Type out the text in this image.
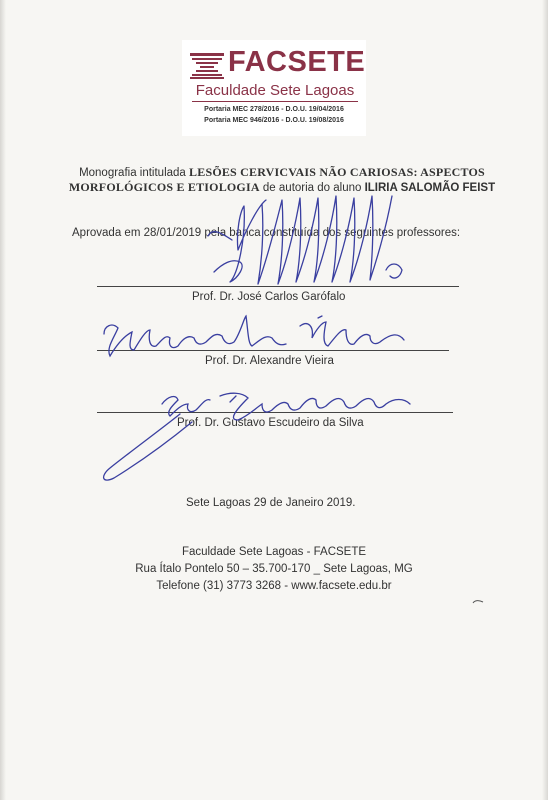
FACSETE
Faculdade Sete Lagoas
Portaria MEC 278/2016 - D.O.U. 19/04/2016
Portaria MEC 946/2016 - D.O.U. 19/08/2016
Monografia intitulada LESÕES CERVICVAIS NÃO CARIOSAS: ASPECTOS
MORFOLÓGICOS E ETIOLOGIA de autoria do aluno ILIRIA SALOMÃO FEIST
Aprovada em 28/01/2019 pela banca constituída dos seguintes professores:
Prof. Dr. José Carlos Garófalo
Prof. Dr. Alexandre Vieira
Prof. Dr. Gustavo Escudeiro da Silva
Sete Lagoas 29 de Janeiro 2019.
Faculdade Sete Lagoas - FACSETE
Rua Ítalo Pontelo 50 – 35.700-170 _ Sete Lagoas, MG
Telefone (31) 3773 3268 - www.facsete.edu.br
